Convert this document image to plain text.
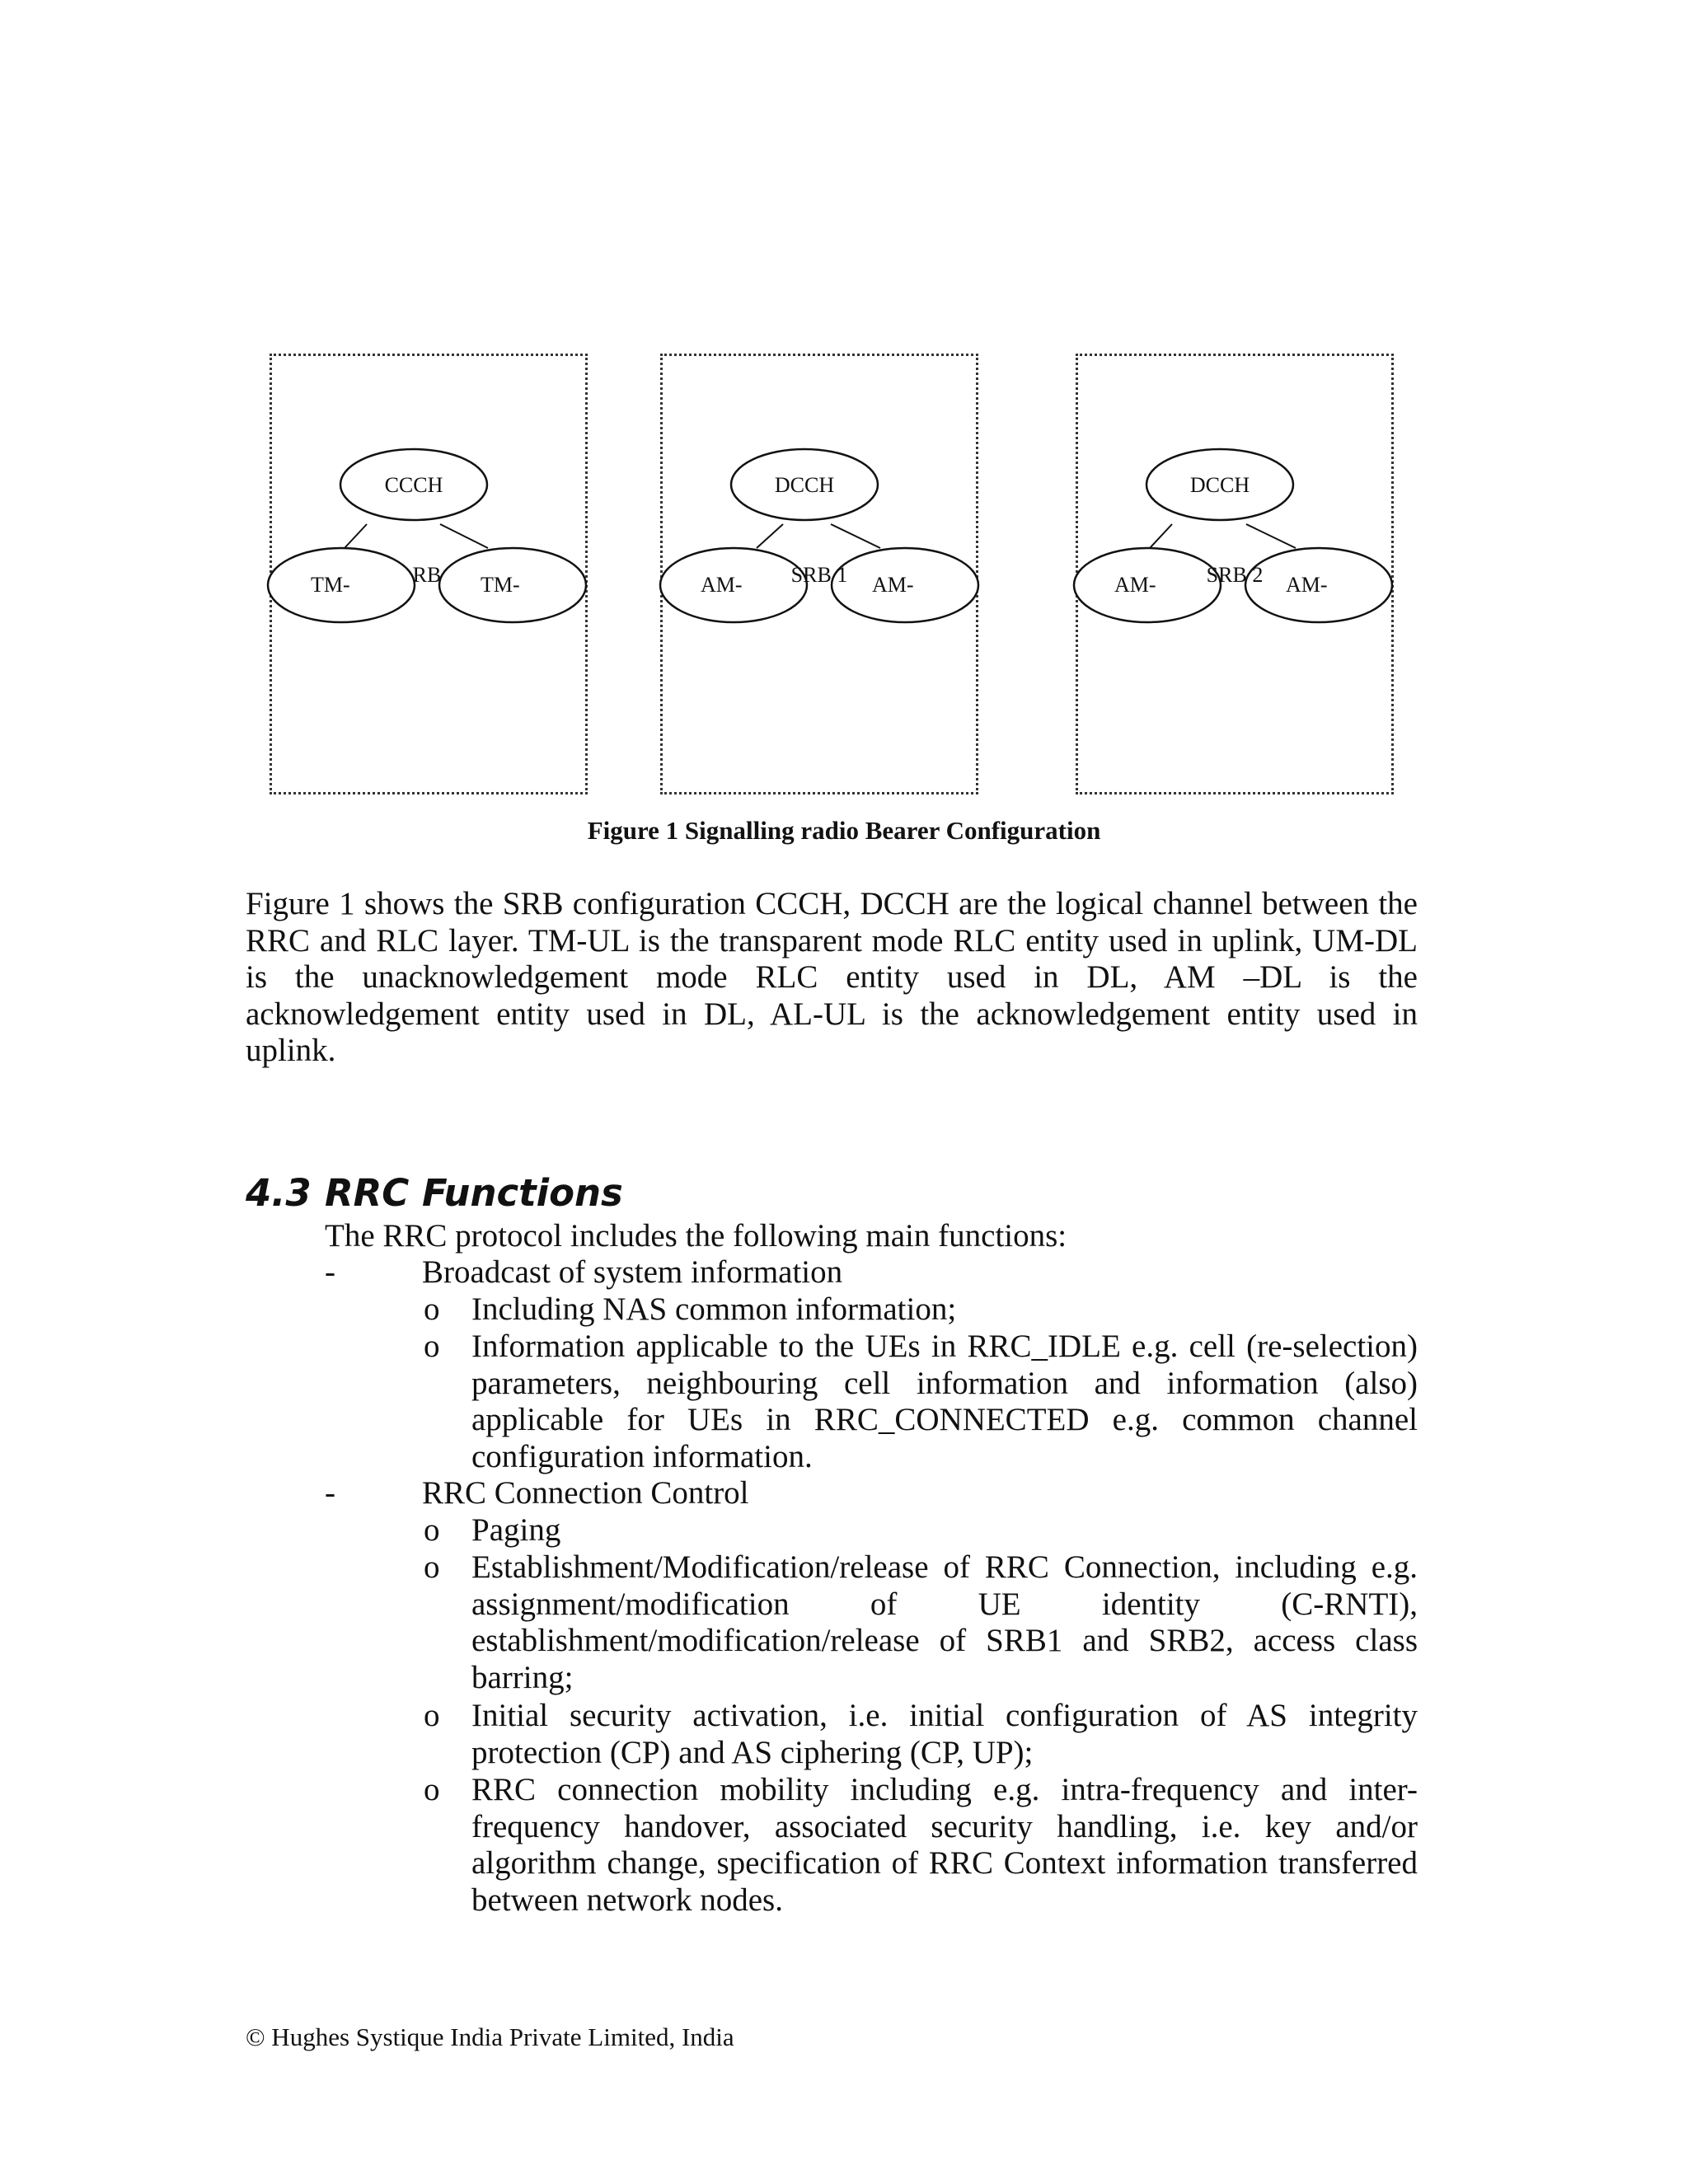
CCCH
TM-	TM-
RB
DCCH
AM-	AM-
SRB 1
DCCH
AM-	AM-
SRB 2
Figure 1 Signalling radio Bearer Configuration
Figure 1 shows the SRB configuration CCCH, DCCH are the logical channel between the RRC and RLC layer. TM-UL is the transparent mode RLC entity used in uplink, UM-DL is the unacknowledgement mode RLC entity used in DL, AM –DL is the acknowledgement entity used in DL, AL-UL is the acknowledgement entity used in uplink.
4.3 RRC Functions
The RRC protocol includes the following main functions:
-	Broadcast of system information
o Including NAS common information;
o Information applicable to the UEs in RRC_IDLE e.g. cell (re-selection) parameters, neighbouring cell information and information (also) applicable for UEs in RRC_CONNECTED e.g. common channel configuration information.
-	RRC Connection Control
o Paging
o Establishment/Modification/release of RRC Connection, including e.g. assignment/modification of UE identity (C-RNTI), establishment/modification/release of SRB1 and SRB2, access class barring;
o Initial security activation, i.e. initial configuration of AS integrity protection (CP) and AS ciphering (CP, UP);
o RRC connection mobility including e.g. intra-frequency and inter-frequency handover, associated security handling, i.e. key and/or algorithm change, specification of RRC Context information transferred between network nodes.
© Hughes Systique India Private Limited, India
